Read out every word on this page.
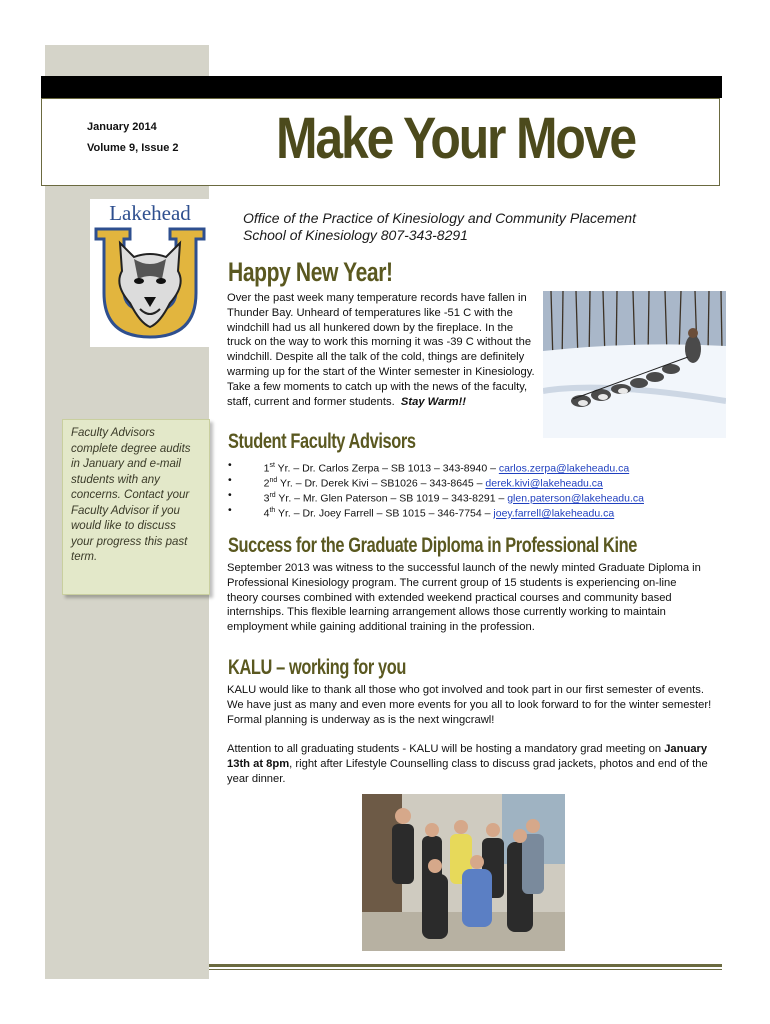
January 2014
Volume 9, Issue 2 Make Your Move
Lakehead	Office of the Practice of Kinesiology and Community Placement
School of Kinesiology 807-343-8291
Happy New Year!
Over the past week many temperature records have fallen in Thunder Bay. Unheard of temperatures like -51 C with the windchill had us all hunkered down by the fireplace. In the truck on the way to work this morning it was -39 C without the windchill. Despite all the talk of the cold, things are definitely warming up for the start of the Winter semester in Kinesiology. Take a few moments to catch up with the news of the faculty, staff, current and former students. Stay Warm!!
Faculty Advisors complete degree audits in January and e-mail students with any concerns. Contact your Faculty Advisor if you would like to discuss your progress this past term.
Student Faculty Advisors
•	1st Yr. – Dr. Carlos Zerpa – SB 1013 – 343-8940 – carlos.zerpa@lakeheadu.ca
•	2nd Yr. – Dr. Derek Kivi – SB1026 – 343-8645 – derek.kivi@lakeheadu.ca
•	3rd Yr. – Mr. Glen Paterson – SB 1019 – 343-8291 – glen.paterson@lakeheadu.ca
•	4th Yr. – Dr. Joey Farrell – SB 1015 – 346-7754 – joey.farrell@lakeheadu.ca
Success for the Graduate Diploma in Professional Kine
September 2013 was witness to the successful launch of the newly minted Graduate Diploma in Professional Kinesiology program. The current group of 15 students is experiencing on-line theory courses combined with extended weekend practical courses and community based internships. This flexible learning arrangement allows those currently working to maintain employment while gaining additional training in the profession.
KALU – working for you
KALU would like to thank all those who got involved and took part in our first semester of events. We have just as many and even more events for you all to look forward to for the winter semester! Formal planning is underway as is the next wingcrawl!
Attention to all graduating students - KALU will be hosting a mandatory grad meeting on January 13th at 8pm, right after Lifestyle Counselling class to discuss grad jackets, photos and end of the year dinner.
